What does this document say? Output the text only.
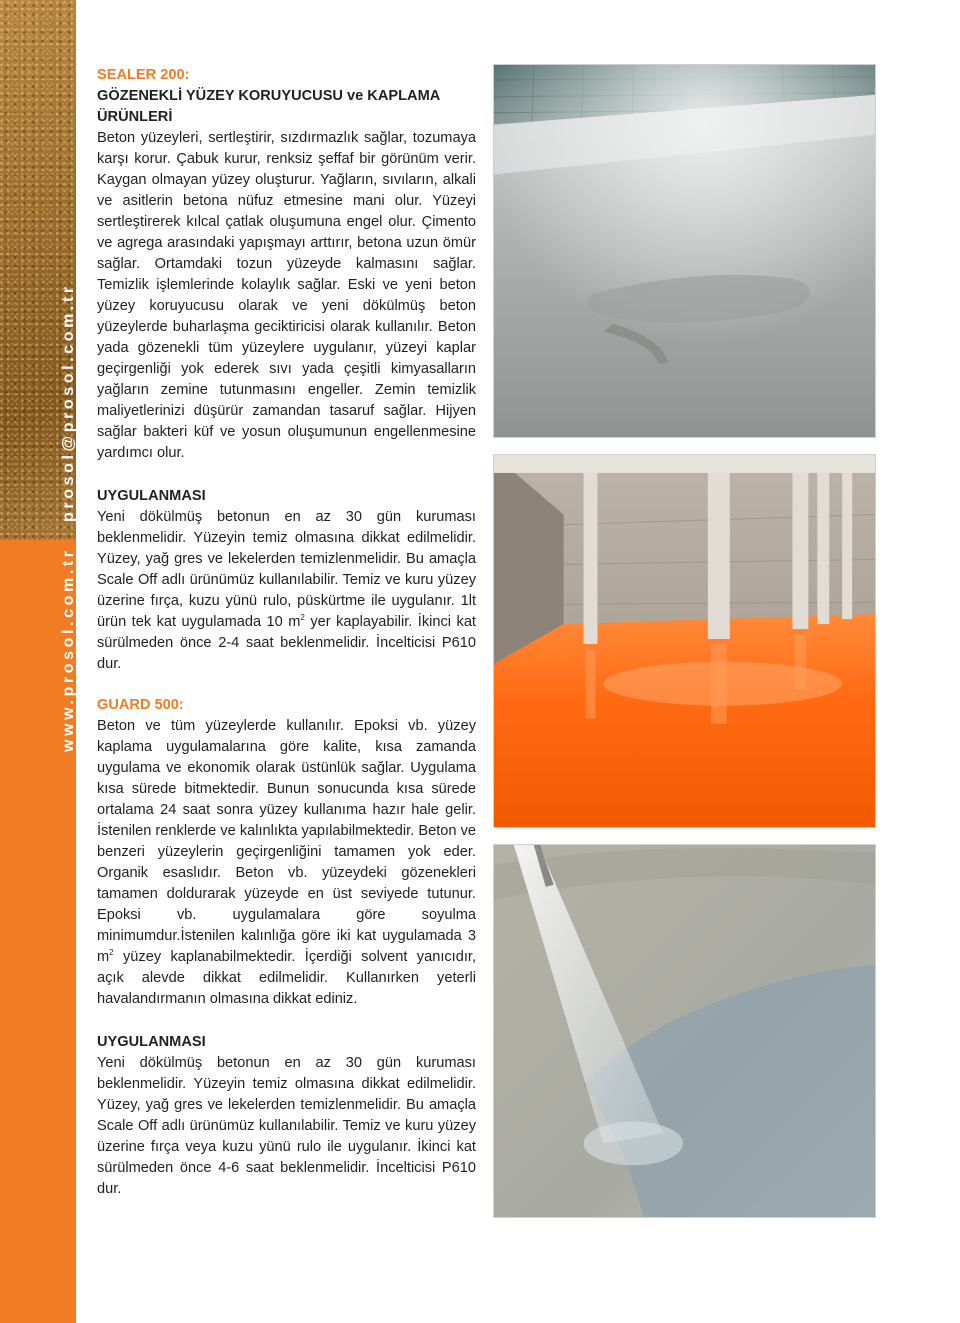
prosol@prosol.com.tr
www.prosol.com.tr
SEALER 200:
GÖZENEKLİ YÜZEY KORUYUCUSU ve KAPLAMA ÜRÜNLERİ

Beton yüzeyleri, sertleştirir, sızdırmazlık sağlar, tozumaya karşı korur. Çabuk kurur, renksiz şeffaf bir görünüm verir. Kaygan olmayan yüzey oluşturur. Yağların, sıvıların, alkali ve asitlerin betona nüfuz etmesine mani olur. Yüzeyi sertleştirerek kılcal çatlak oluşumuna engel olur. Çimento ve agrega arasındaki yapışmayı arttırır, betona uzun ömür sağlar. Ortamdaki tozun yüzeyde kalmasını sağlar. Temizlik işlemlerinde kolaylık sağlar. Eski ve yeni beton yüzey koruyucusu olarak ve yeni dökülmüş beton yüzeylerde buharlaşma geciktiricisi olarak kullanılır. Beton yada gözenekli tüm yüzeylere uygulanır, yüzeyi kaplar geçirgenliği yok ederek sıvı yada çeşitli kimyasalların yağların zemine tutunmasını engeller. Zemin temizlik maliyetlerinizi düşürür zamandan tasaruf sağlar. Hijyen sağlar bakteri küf ve yosun oluşumunun engellenmesine yardımcı olur.

UYGULANMASI

Yeni dökülmüş betonun en az 30 gün kuruması beklenmelidir. Yüzeyin temiz olmasına dikkat edilmelidir. Yüzey, yağ gres ve lekelerden temizlenmelidir. Bu amaçla Scale Off adlı ürünümüz kullanılabilir. Temiz ve kuru yüzey üzerine fırça, kuzu yünü rulo, püskürtme ile uygulanır. 1lt ürün tek kat uygulamada 10 $m^2$ yer kaplayabilir. İkinci kat sürülmeden önce 2-4 saat beklenmelidir. İncelticisi P610 dur.

GUARD 500:

Beton ve tüm yüzeylerde kullanılır. Epoksi vb. yüzey kaplama uygulamalarına göre kalite, kısa zamanda uygulama ve ekonomik olarak üstünlük sağlar. Uygulama kısa sürede bitmektedir. Bunun sonucunda kısa sürede ortalama 24 saat sonra yüzey kullanıma hazır hale gelir. İstenilen renklerde ve kalınlıkta yapılabilmektedir. Beton ve benzeri yüzeylerin geçirgenliğini tamamen yok eder. Organik esaslıdır. Beton vb. yüzeydeki gözenekleri tamamen doldurarak yüzeyde en üst seviyede tutunur. Epoksi vb. uygulamalara göre soyulma minimumdur.İstenilen kalınlığa göre iki kat uygulamada 3 $m^2$ yüzey kaplanabilmektedir. İçerdiği solvent yanıcıdır, açık alevde dikkat edilmelidir. Kullanırken yeterli havalandırmanın olmasına dikkat ediniz.

UYGULANMASI

Yeni dökülmüş betonun en az 30 gün kuruması beklenmelidir. Yüzeyin temiz olmasına dikkat edilmelidir. Yüzey, yağ gres ve lekelerden temizlenmelidir. Bu amaçla Scale Off adlı ürünümüz kullanılabilir. Temiz ve kuru yüzey üzerine fırça veya kuzu yünü rulo ile uygulanır. İkinci kat sürülmeden önce 4-6 saat beklenmelidir. İncelticisi P610 dur.
